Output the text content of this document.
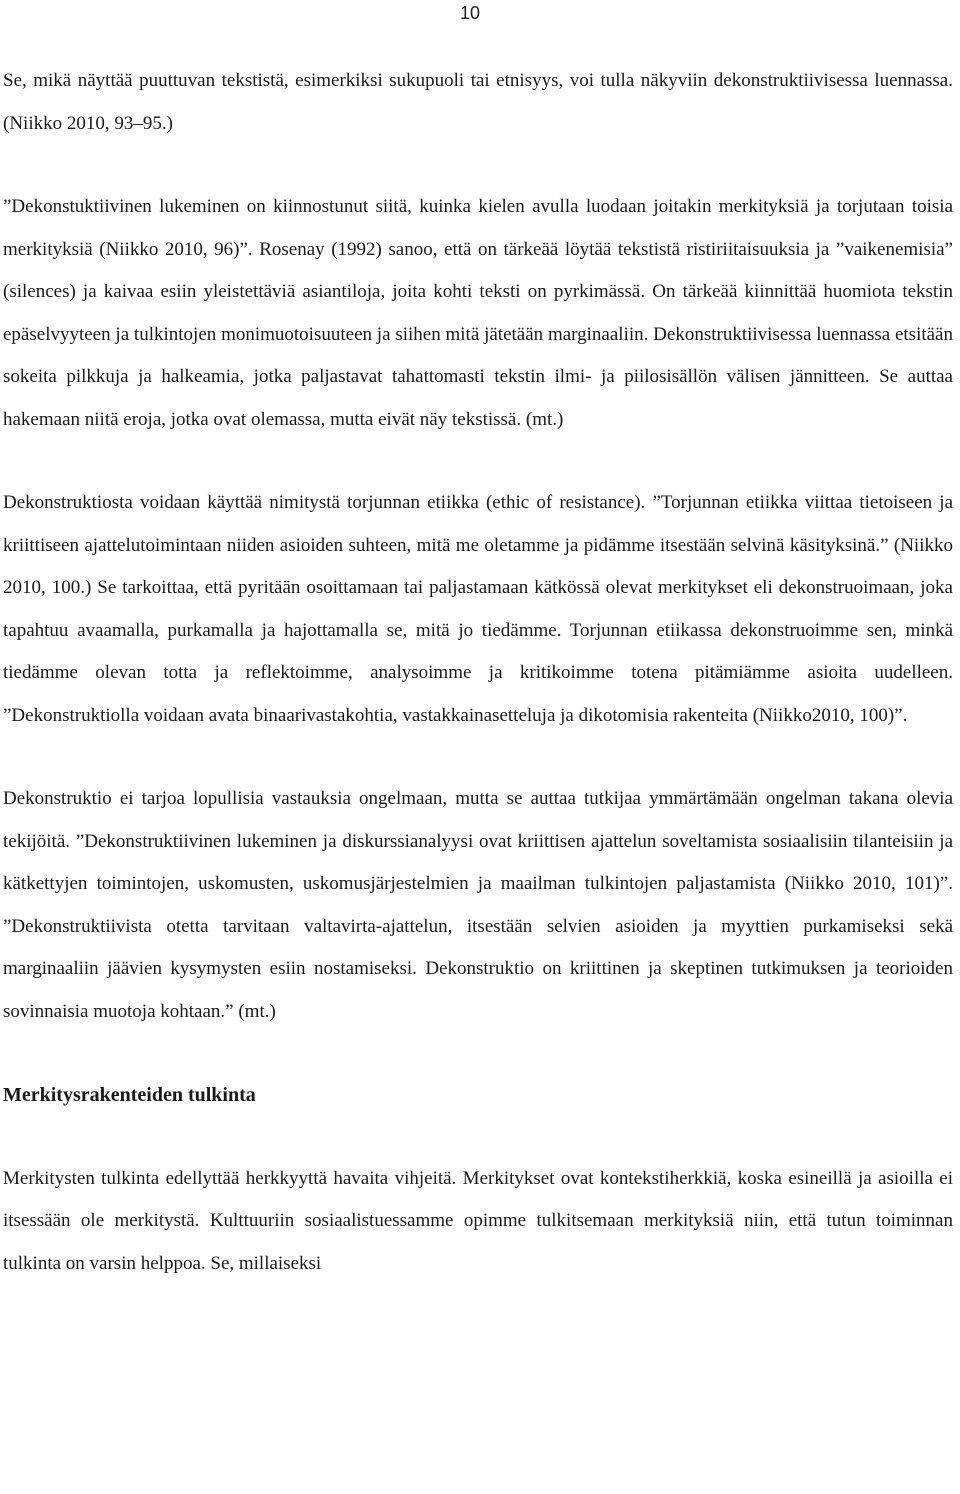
10

Se, mikä näyttää puuttuvan tekstistä, esimerkiksi sukupuoli tai etnisyys, voi tulla näkyviin dekonstruktiivisessa luennassa. (Niikko 2010, 93–95.)

”Dekonstuktiivinen lukeminen on kiinnostunut siitä, kuinka kielen avulla luodaan joitakin merkityksiä ja torjutaan toisia merkityksiä (Niikko 2010, 96)”. Rosenay (1992) sanoo, että on tärkeää löytää tekstistä ristiriitaisuuksia ja ”vaikenemisia” (silences) ja kaivaa esiin yleistettäviä asiantiloja, joita kohti teksti on pyrkimässä. On tärkeää kiinnittää huomiota tekstin epäselvyyteen ja tulkintojen monimuotoisuuteen ja siihen mitä jätetään marginaaliin. Dekonstruktiivisessa luennassa etsitään sokeita pilkkuja ja halkeamia, jotka paljastavat tahattomasti tekstin ilmi- ja piilosisällön välisen jännitteen. Se auttaa hakemaan niitä eroja, jotka ovat olemassa, mutta eivät näy tekstissä. (mt.)

Dekonstruktiosta voidaan käyttää nimitystä torjunnan etiikka (ethic of resistance). ”Torjunnan etiikka viittaa tietoiseen ja kriittiseen ajattelutoimintaan niiden asioiden suhteen, mitä me oletamme ja pidämme itsestään selvinä käsityksinä.” (Niikko 2010, 100.) Se tarkoittaa, että pyritään osoittamaan tai paljastamaan kätkössä olevat merkitykset eli dekonstruoimaan, joka tapahtuu avaamalla, purkamalla ja hajottamalla se, mitä jo tiedämme. Torjunnan etiikassa dekonstruoimme sen, minkä tiedämme olevan totta ja reflektoimme, analysoimme ja kritikoimme totena pitämiämme asioita uudelleen. ”Dekonstruktiolla voidaan avata binaarivastakohtia, vastakkainasetteluja ja dikotomisia rakenteita (Niikko2010, 100)”.

Dekonstruktio ei tarjoa lopullisia vastauksia ongelmaan, mutta se auttaa tutkijaa ymmärtämään ongelman takana olevia tekijöitä. ”Dekonstruktiivinen lukeminen ja diskurssianalyysi ovat kriittisen ajattelun soveltamista sosiaalisiin tilanteisiin ja kätkettyjen toimintojen, uskomusten, uskomusjärjestelmien ja maailman tulkintojen paljastamista (Niikko 2010, 101)”. ”Dekonstruktiivista otetta tarvitaan valtavirta-ajattelun, itsestään selvien asioiden ja myyttien purkamiseksi sekä marginaaliin jäävien kysymysten esiin nostamiseksi. Dekonstruktio on kriittinen ja skeptinen tutkimuksen ja teorioiden sovinnaisia muotoja kohtaan.” (mt.)

Merkitysrakenteiden tulkinta

Merkitysten tulkinta edellyttää herkkyyttä havaita vihjeitä. Merkitykset ovat kontekstiherkkiä, koska esineillä ja asioilla ei itsessään ole merkitystä. Kulttuuriin sosiaalistuessamme opimme tulkitsemaan merkityksiä niin, että tutun toiminnan tulkinta on varsin helppoa. Se, millaiseksi
